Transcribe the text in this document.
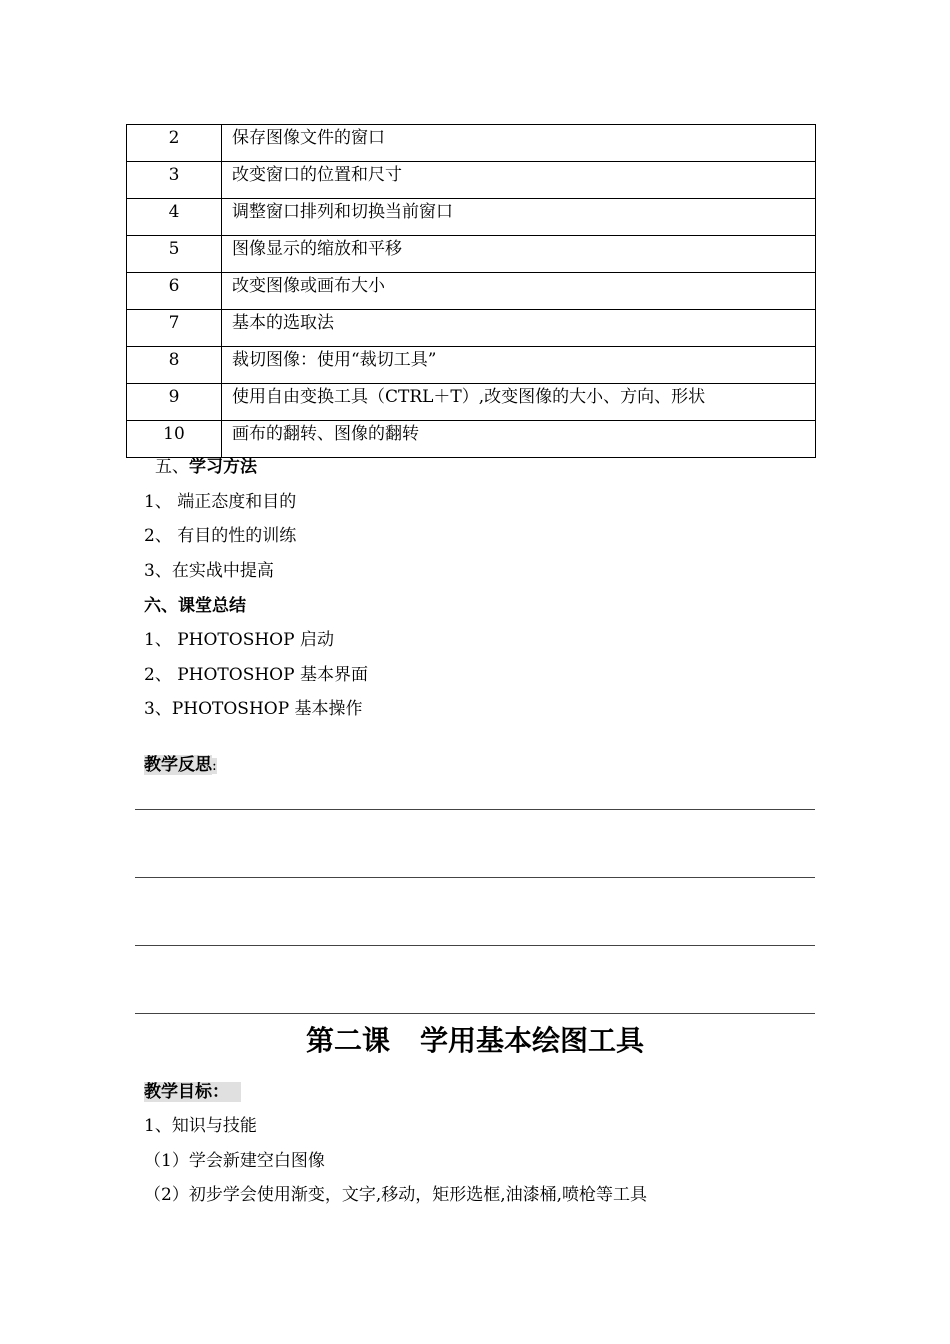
2	保存图像文件的窗口
3	改变窗口的位置和尺寸
4	调整窗口排列和切换当前窗口
5	图像显示的缩放和平移
6	改变图像或画布大小
7	基本的选取法
8	裁切图像：使用“裁切工具”
9	使用自由变换工具（CTRL＋T）,改变图像的大小、方向、形状
10	画布的翻转、图像的翻转
五、学习方法
1、 端正态度和目的
2、 有目的性的训练
3、在实战中提高
六、课堂总结
1、 PHOTOSHOP 启动
2、 PHOTOSHOP 基本界面
3、PHOTOSHOP 基本操作
教学反思:
第二课 学用基本绘图工具
教学目标：
1、知识与技能
（1）学会新建空白图像
（2）初步学会使用渐变，文字,移动，矩形选框,油漆桶,喷枪等工具
